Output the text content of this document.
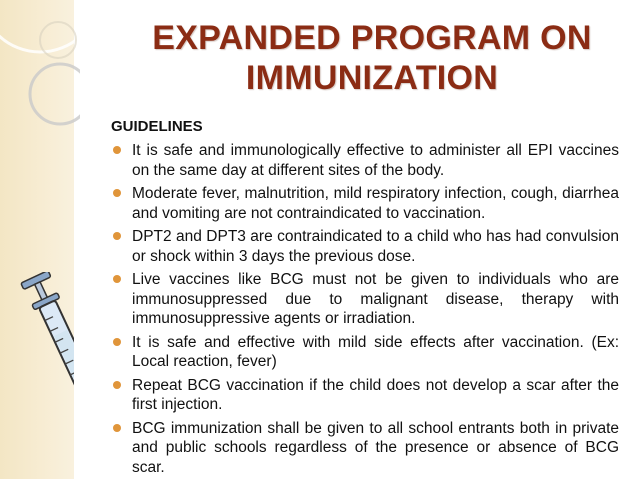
EXPANDED PROGRAM ON
IMMUNIZATION
GUIDELINES
It is safe and immunologically effective to administer all EPI vaccines on the same day at different sites of the body.
Moderate fever, malnutrition, mild respiratory infection, cough, diarrhea and vomiting are not contraindicated to vaccination.
DPT2 and DPT3 are contraindicated to a child who has had convulsion or shock within 3 days the previous dose.
Live vaccines like BCG must not be given to individuals who are immunosuppressed due to malignant disease, therapy with immunosuppressive agents or irradiation.
It is safe and effective with mild side effects after vaccination. (Ex: Local reaction, fever)
Repeat BCG vaccination if the child does not develop a scar after the first injection.
BCG immunization shall be given to all school entrants both in private and public schools regardless of the presence or absence of BCG scar.
